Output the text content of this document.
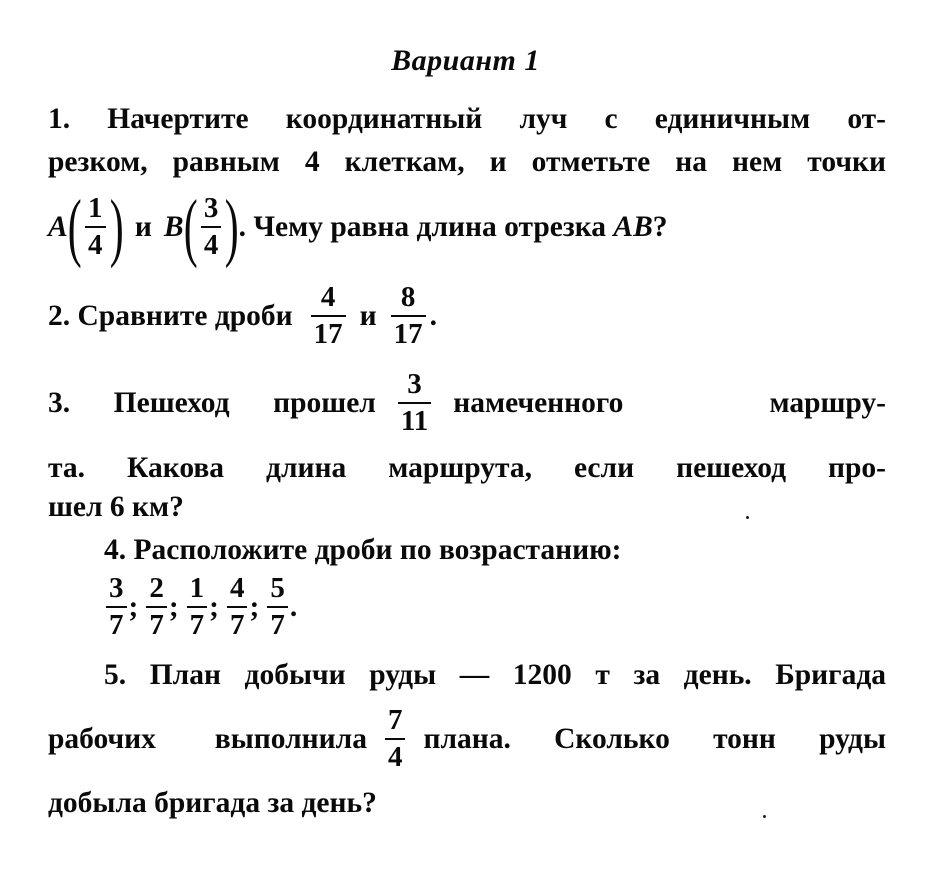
Вариант 1
1. Начертите координатный луч с единичным от-
резком, равным 4 клеткам, и отметьте на нем точки
A ( $\frac{1}{4}$ ) и B ( $\frac{3}{4}$ ) . Чему равна длина отрезка AB ?
2. Сравните дроби $\frac{4}{17}$ и $\frac{8}{17}$ .
3. Пешеход прошел $\frac{3}{11}$ намеченного маршру-
та. Какова длина маршрута, если пешеход про-
шел 6 км?
4. Расположите дроби по возрастанию:
$\frac{3}{7}$ ; $\frac{2}{7}$ ; $\frac{1}{7}$ ; $\frac{4}{7}$ ; $\frac{5}{7}$ .
5. План добычи руды — 1200 т за день. Бригада
рабочих выполнила $\frac{7}{4}$ плана. Сколько тонн руды
добыла бригада за день?
